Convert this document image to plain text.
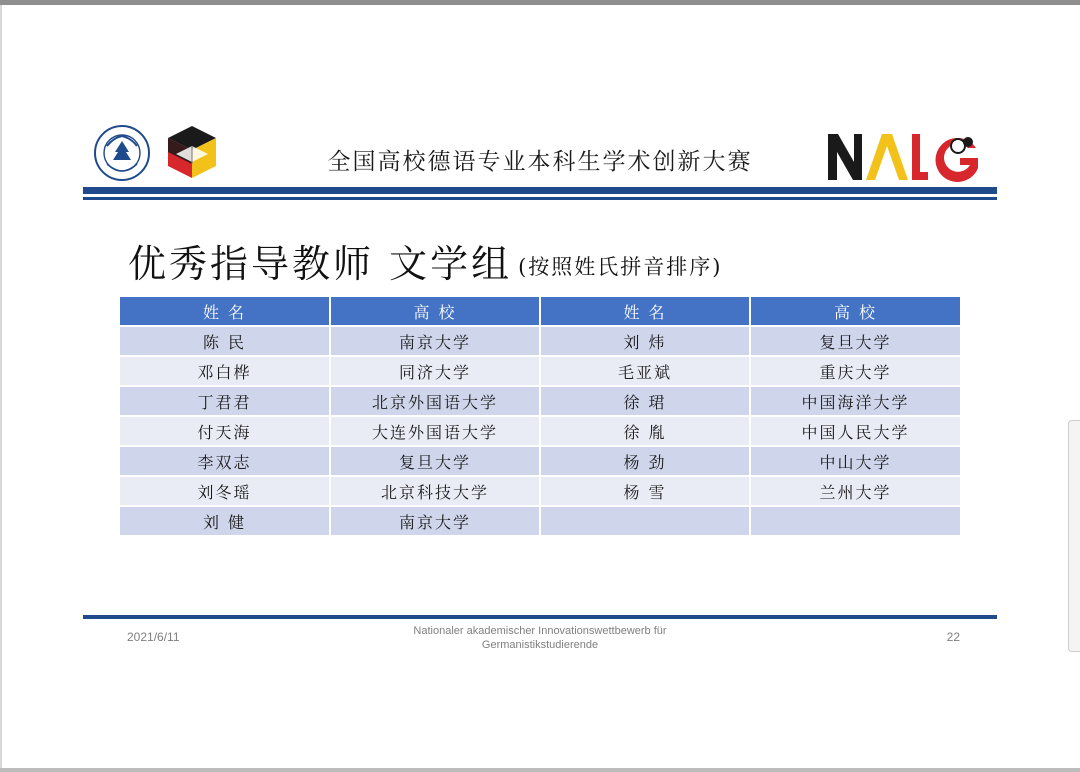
全国高校德语专业本科生学术创新大赛
NALG
优秀指导教师 文学组 (按照姓氏拼音排序)
姓 名	高 校	姓 名	高 校
陈 民	南京大学	刘 炜	复旦大学
邓白桦	同济大学	毛亚斌	重庆大学
丁君君	北京外国语大学	徐 珺	中国海洋大学
付天海	大连外国语大学	徐 胤	中国人民大学
李双志	复旦大学	杨 劲	中山大学
刘冬瑶	北京科技大学	杨 雪	兰州大学
刘 健	南京大学		
2021/6/11	Nationaler akademischer Innovationswettbewerb für
Germanistikstudierende
22
